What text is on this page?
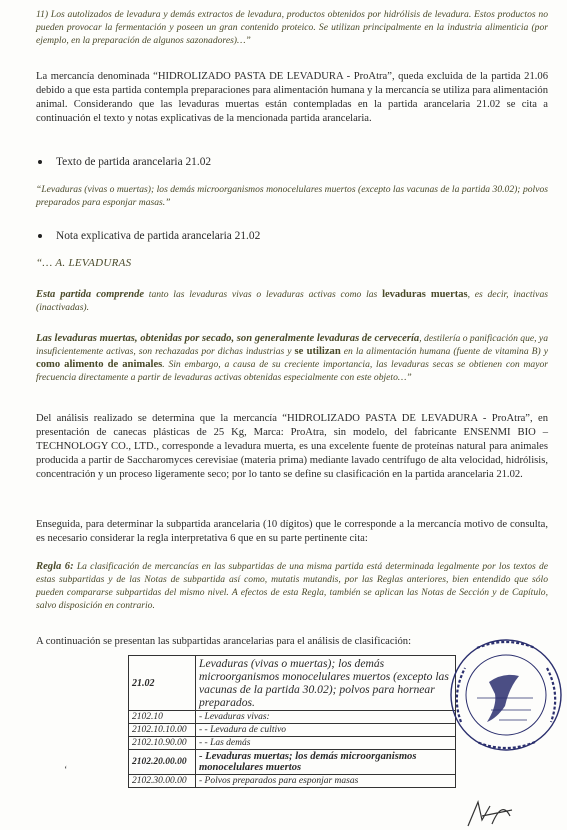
11) Los autolizados de levadura y demás extractos de levadura, productos obtenidos por hidrólisis de levadura. Estos productos no pueden provocar la fermentación y poseen un gran contenido proteico. Se utilizan principalmente en la industria alimenticia (por ejemplo, en la preparación de algunos sazonadores)…”

La mercancía denominada “HIDROLIZADO PASTA DE LEVADURA - ProAtra”, queda excluida de la partida 21.06 debido a que esta partida contempla preparaciones para alimentación humana y la mercancía se utiliza para alimentación animal. Considerando que las levaduras muertas están contempladas en la partida arancelaria 21.02 se cita a continuación el texto y notas explicativas de la mencionada partida arancelaria.

Texto de partida arancelaria 21.02

“Levaduras (vivas o muertas); los demás microorganismos monocelulares muertos (excepto las vacunas de la partida 30.02); polvos preparados para esponjar masas.”

Nota explicativa de partida arancelaria 21.02

“… A. LEVADURAS

Esta partida comprende tanto las levaduras vivas o levaduras activas como las levaduras muertas, es decir, inactivas (inactivadas).

Las levaduras muertas, obtenidas por secado, son generalmente levaduras de cervecería, destilería o panificación que, ya insuficientemente activas, son rechazadas por dichas industrias y se utilizan en la alimentación humana (fuente de vitamina B) y como alimento de animales. Sin embargo, a causa de su creciente importancia, las levaduras secas se obtienen con mayor frecuencia directamente a partir de levaduras activas obtenidas especialmente con este objeto…”

Del análisis realizado se determina que la mercancía “HIDROLIZADO PASTA DE LEVADURA - ProAtra”, en presentación de canecas plásticas de 25 Kg, Marca: ProAtra, sin modelo, del fabricante ENSENMI BIO – TECHNOLOGY CO., LTD., corresponde a levadura muerta, es una excelente fuente de proteínas natural para animales producida a partir de Saccharomyces cerevisiae (materia prima) mediante lavado centrífugo de alta velocidad, hidrólisis, concentración y un proceso ligeramente seco; por lo tanto se define su clasificación en la partida arancelaria 21.02.

Enseguida, para determinar la subpartida arancelaria (10 dígitos) que le corresponde a la mercancía motivo de consulta, es necesario considerar la regla interpretativa 6 que en su parte pertinente cita:

Regla 6: La clasificación de mercancías en las subpartidas de una misma partida está determinada legalmente por los textos de estas subpartidas y de las Notas de subpartida así como, mutatis mutandis, por las Reglas anteriores, bien entendido que sólo pueden compararse subpartidas del mismo nivel. A efectos de esta Regla, también se aplican las Notas de Sección y de Capítulo, salvo disposición en contrario.

A continuación se presentan las subpartidas arancelarias para el análisis de clasificación:

21.02	Levaduras (vivas o muertas); los demás microorganismos monocelulares muertos (excepto las vacunas de la partida 30.02); polvos para hornear preparados.
2102.10	- Levaduras vivas:
2102.10.10.00	- - Levadura de cultivo
2102.10.90.00	- - Las demás
2102.20.00.00	- Levaduras muertas; los demás microorganismos monocelulares muertos
2102.30.00.00	- Polvos preparados para esponjar masas
‘
